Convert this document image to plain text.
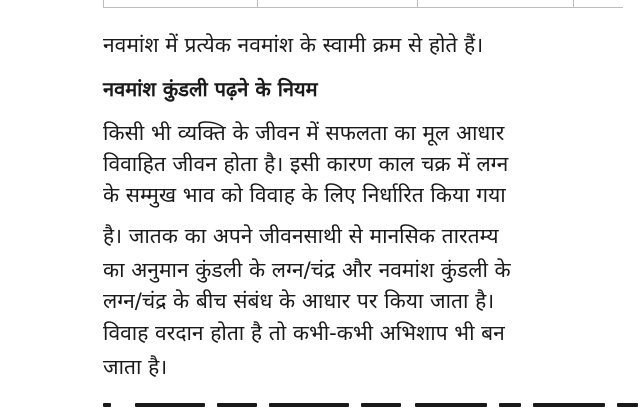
नवमांश में प्रत्येक नवमांश के स्वामी क्रम से होते हैं।
नवमांश कुंडली पढ़ने के नियम
किसी भी व्यक्ति के जीवन में सफलता का मूल आधार
विवाहित जीवन होता है। इसी कारण काल चक्र में लग्न
के सम्मुख भाव को विवाह के लिए निर्धारित किया गया
है। जातक का अपने जीवनसाथी से मानसिक तारतम्य
का अनुमान कुंडली के लग्न/चंद्र और नवमांश कुंडली के
लग्न/चंद्र के बीच संबंध के आधार पर किया जाता है।
विवाह वरदान होता है तो कभी-कभी अभिशाप भी बन
जाता है।
